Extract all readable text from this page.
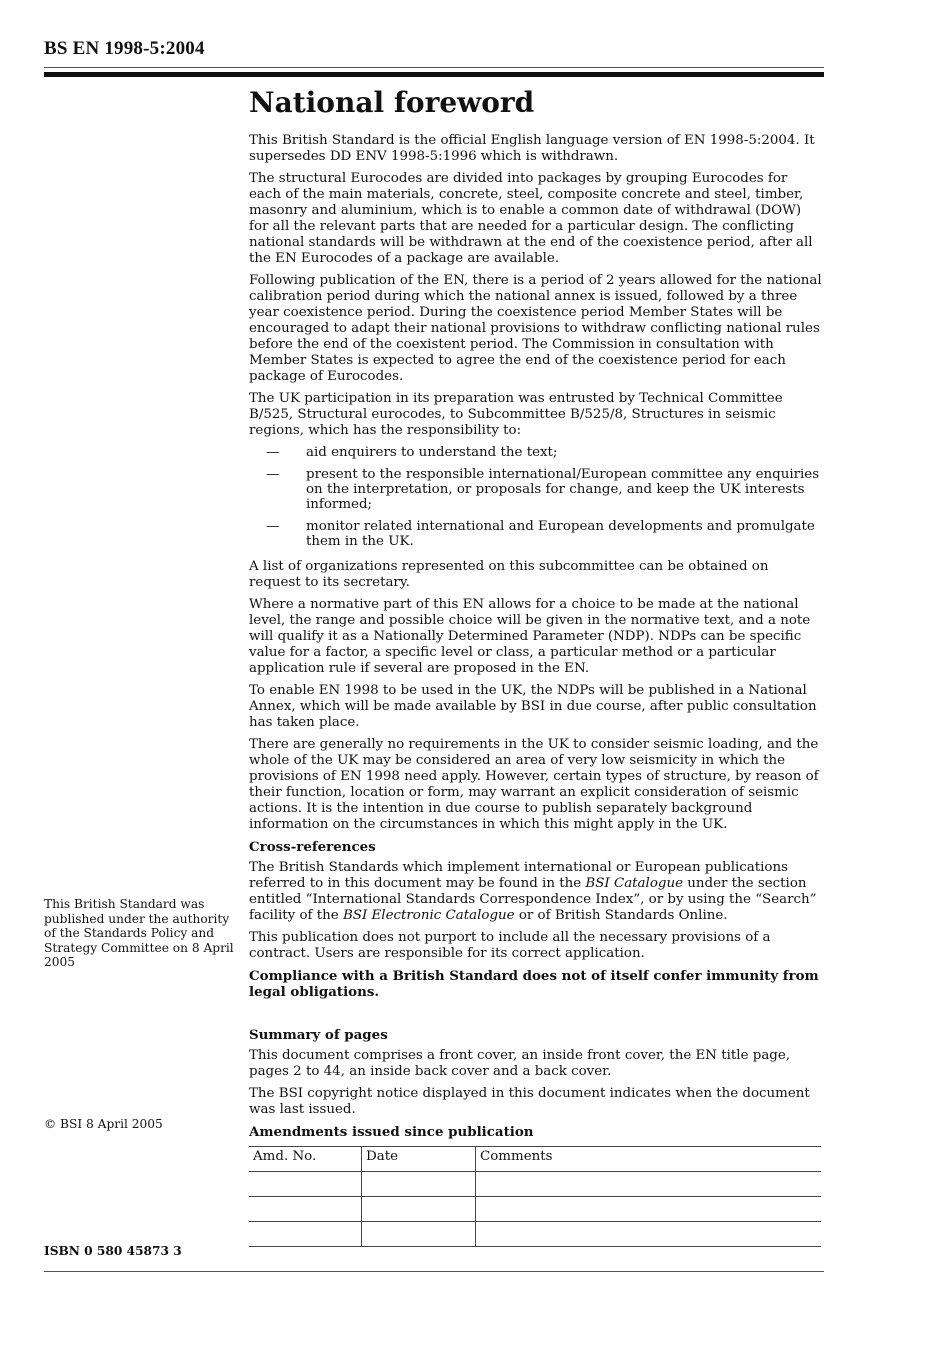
BS EN 1998-5:2004
National foreword

This British Standard is the official English language version of EN 1998-5:2004. It supersedes DD ENV 1998-5:1996 which is withdrawn.

The structural Eurocodes are divided into packages by grouping Eurocodes for each of the main materials, concrete, steel, composite concrete and steel, timber, masonry and aluminium, which is to enable a common date of withdrawal (DOW) for all the relevant parts that are needed for a particular design. The conflicting national standards will be withdrawn at the end of the coexistence period, after all the EN Eurocodes of a package are available.

Following publication of the EN, there is a period of 2 years allowed for the national calibration period during which the national annex is issued, followed by a three year coexistence period. During the coexistence period Member States will be encouraged to adapt their national provisions to withdraw conflicting national rules before the end of the coexistent period. The Commission in consultation with Member States is expected to agree the end of the coexistence period for each package of Eurocodes.

The UK participation in its preparation was entrusted by Technical Committee B/525, Structural eurocodes, to Subcommittee B/525/8, Structures in seismic regions, which has the responsibility to:

— aid enquirers to understand the text;
— present to the responsible international/European committee any enquiries on the interpretation, or proposals for change, and keep the UK interests informed;
— monitor related international and European developments and promulgate them in the UK.

A list of organizations represented on this subcommittee can be obtained on request to its secretary.

Where a normative part of this EN allows for a choice to be made at the national level, the range and possible choice will be given in the normative text, and a note will qualify it as a Nationally Determined Parameter (NDP). NDPs can be specific value for a factor, a specific level or class, a particular method or a particular application rule if several are proposed in the EN.

To enable EN 1998 to be used in the UK, the NDPs will be published in a National Annex, which will be made available by BSI in due course, after public consultation has taken place.

There are generally no requirements in the UK to consider seismic loading, and the whole of the UK may be considered an area of very low seismicity in which the provisions of EN 1998 need apply. However, certain types of structure, by reason of their function, location or form, may warrant an explicit consideration of seismic actions. It is the intention in due course to publish separately background information on the circumstances in which this might apply in the UK.

Cross-references

The British Standards which implement international or European publications referred to in this document may be found in the BSI Catalogue under the section entitled “International Standards Correspondence Index”, or by using the “Search” facility of the BSI Electronic Catalogue or of British Standards Online.

This publication does not purport to include all the necessary provisions of a contract. Users are responsible for its correct application.

Compliance with a British Standard does not of itself confer immunity from legal obligations.

Summary of pages

This document comprises a front cover, an inside front cover, the EN title page, pages 2 to 44, an inside back cover and a back cover.

The BSI copyright notice displayed in this document indicates when the document was last issued.

Amendments issued since publication

Amd. No.	Date	Comments

This British Standard was published under the authority of the Standards Policy and Strategy Committee on 8 April 2005
© BSI 8 April 2005
ISBN 0 580 45873 3
